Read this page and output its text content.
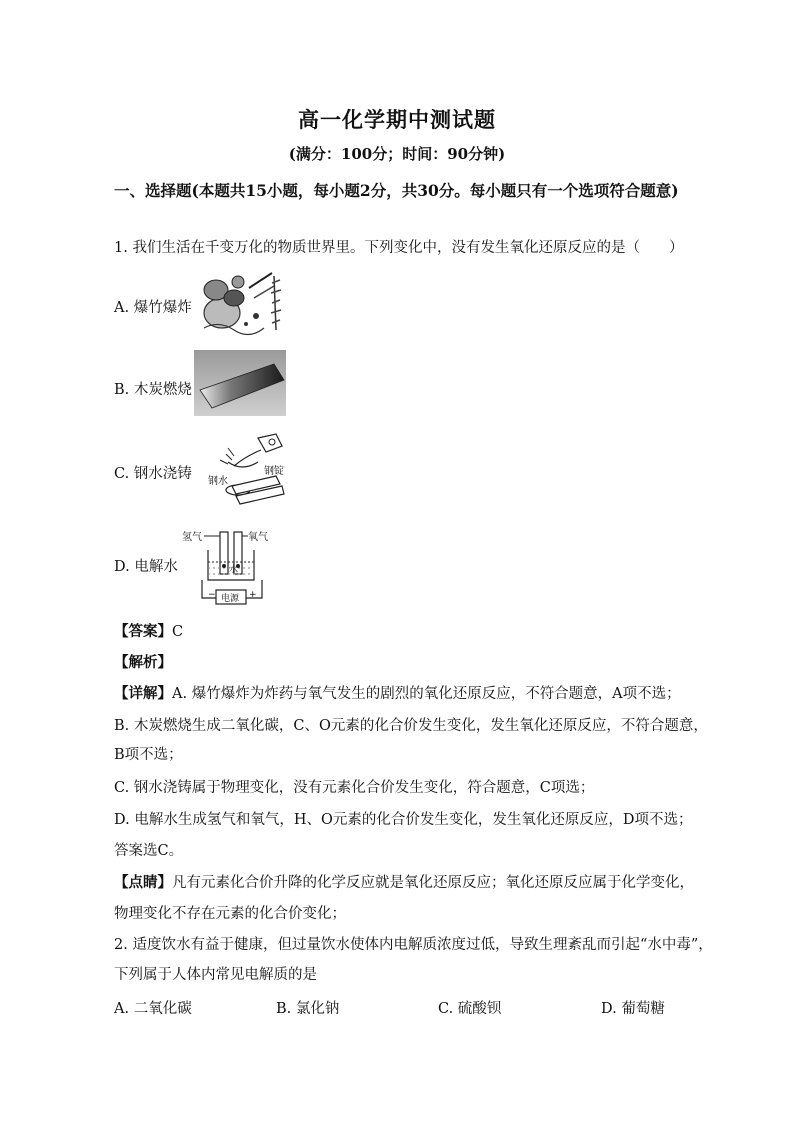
高一化学期中测试题
(满分：100分；时间：90分钟)
一、选择题(本题共15小题，每小题2分，共30分。每小题只有一个选项符合题意)
1. 我们生活在千变万化的物质世界里。下列变化中，没有发生氧化还原反应的是（　　）
A. 爆竹爆炸
B. 木炭燃烧
C. 钢水浇铸 钢水
钢锭
D. 电解水
氢气	氧气
水
电源
−	+
【答案】C
【解析】
【详解】A. 爆竹爆炸为炸药与氧气发生的剧烈的氧化还原反应，不符合题意，A项不选；
B. 木炭燃烧生成二氧化碳，C、O元素的化合价发生变化，发生氧化还原反应，不符合题意，
B项不选；
C. 钢水浇铸属于物理变化，没有元素化合价发生变化，符合题意，C项选；
D. 电解水生成氢气和氧气，H、O元素的化合价发生变化，发生氧化还原反应，D项不选；
答案选C。
【点睛】凡有元素化合价升降的化学反应就是氧化还原反应；氧化还原反应属于化学变化，
物理变化不存在元素的化合价变化；
2. 适度饮水有益于健康，但过量饮水使体内电解质浓度过低，导致生理紊乱而引起“水中毒”，
下列属于人体内常见电解质的是
A. 二氧化碳	B. 氯化钠	C. 硫酸钡	D. 葡萄糖
